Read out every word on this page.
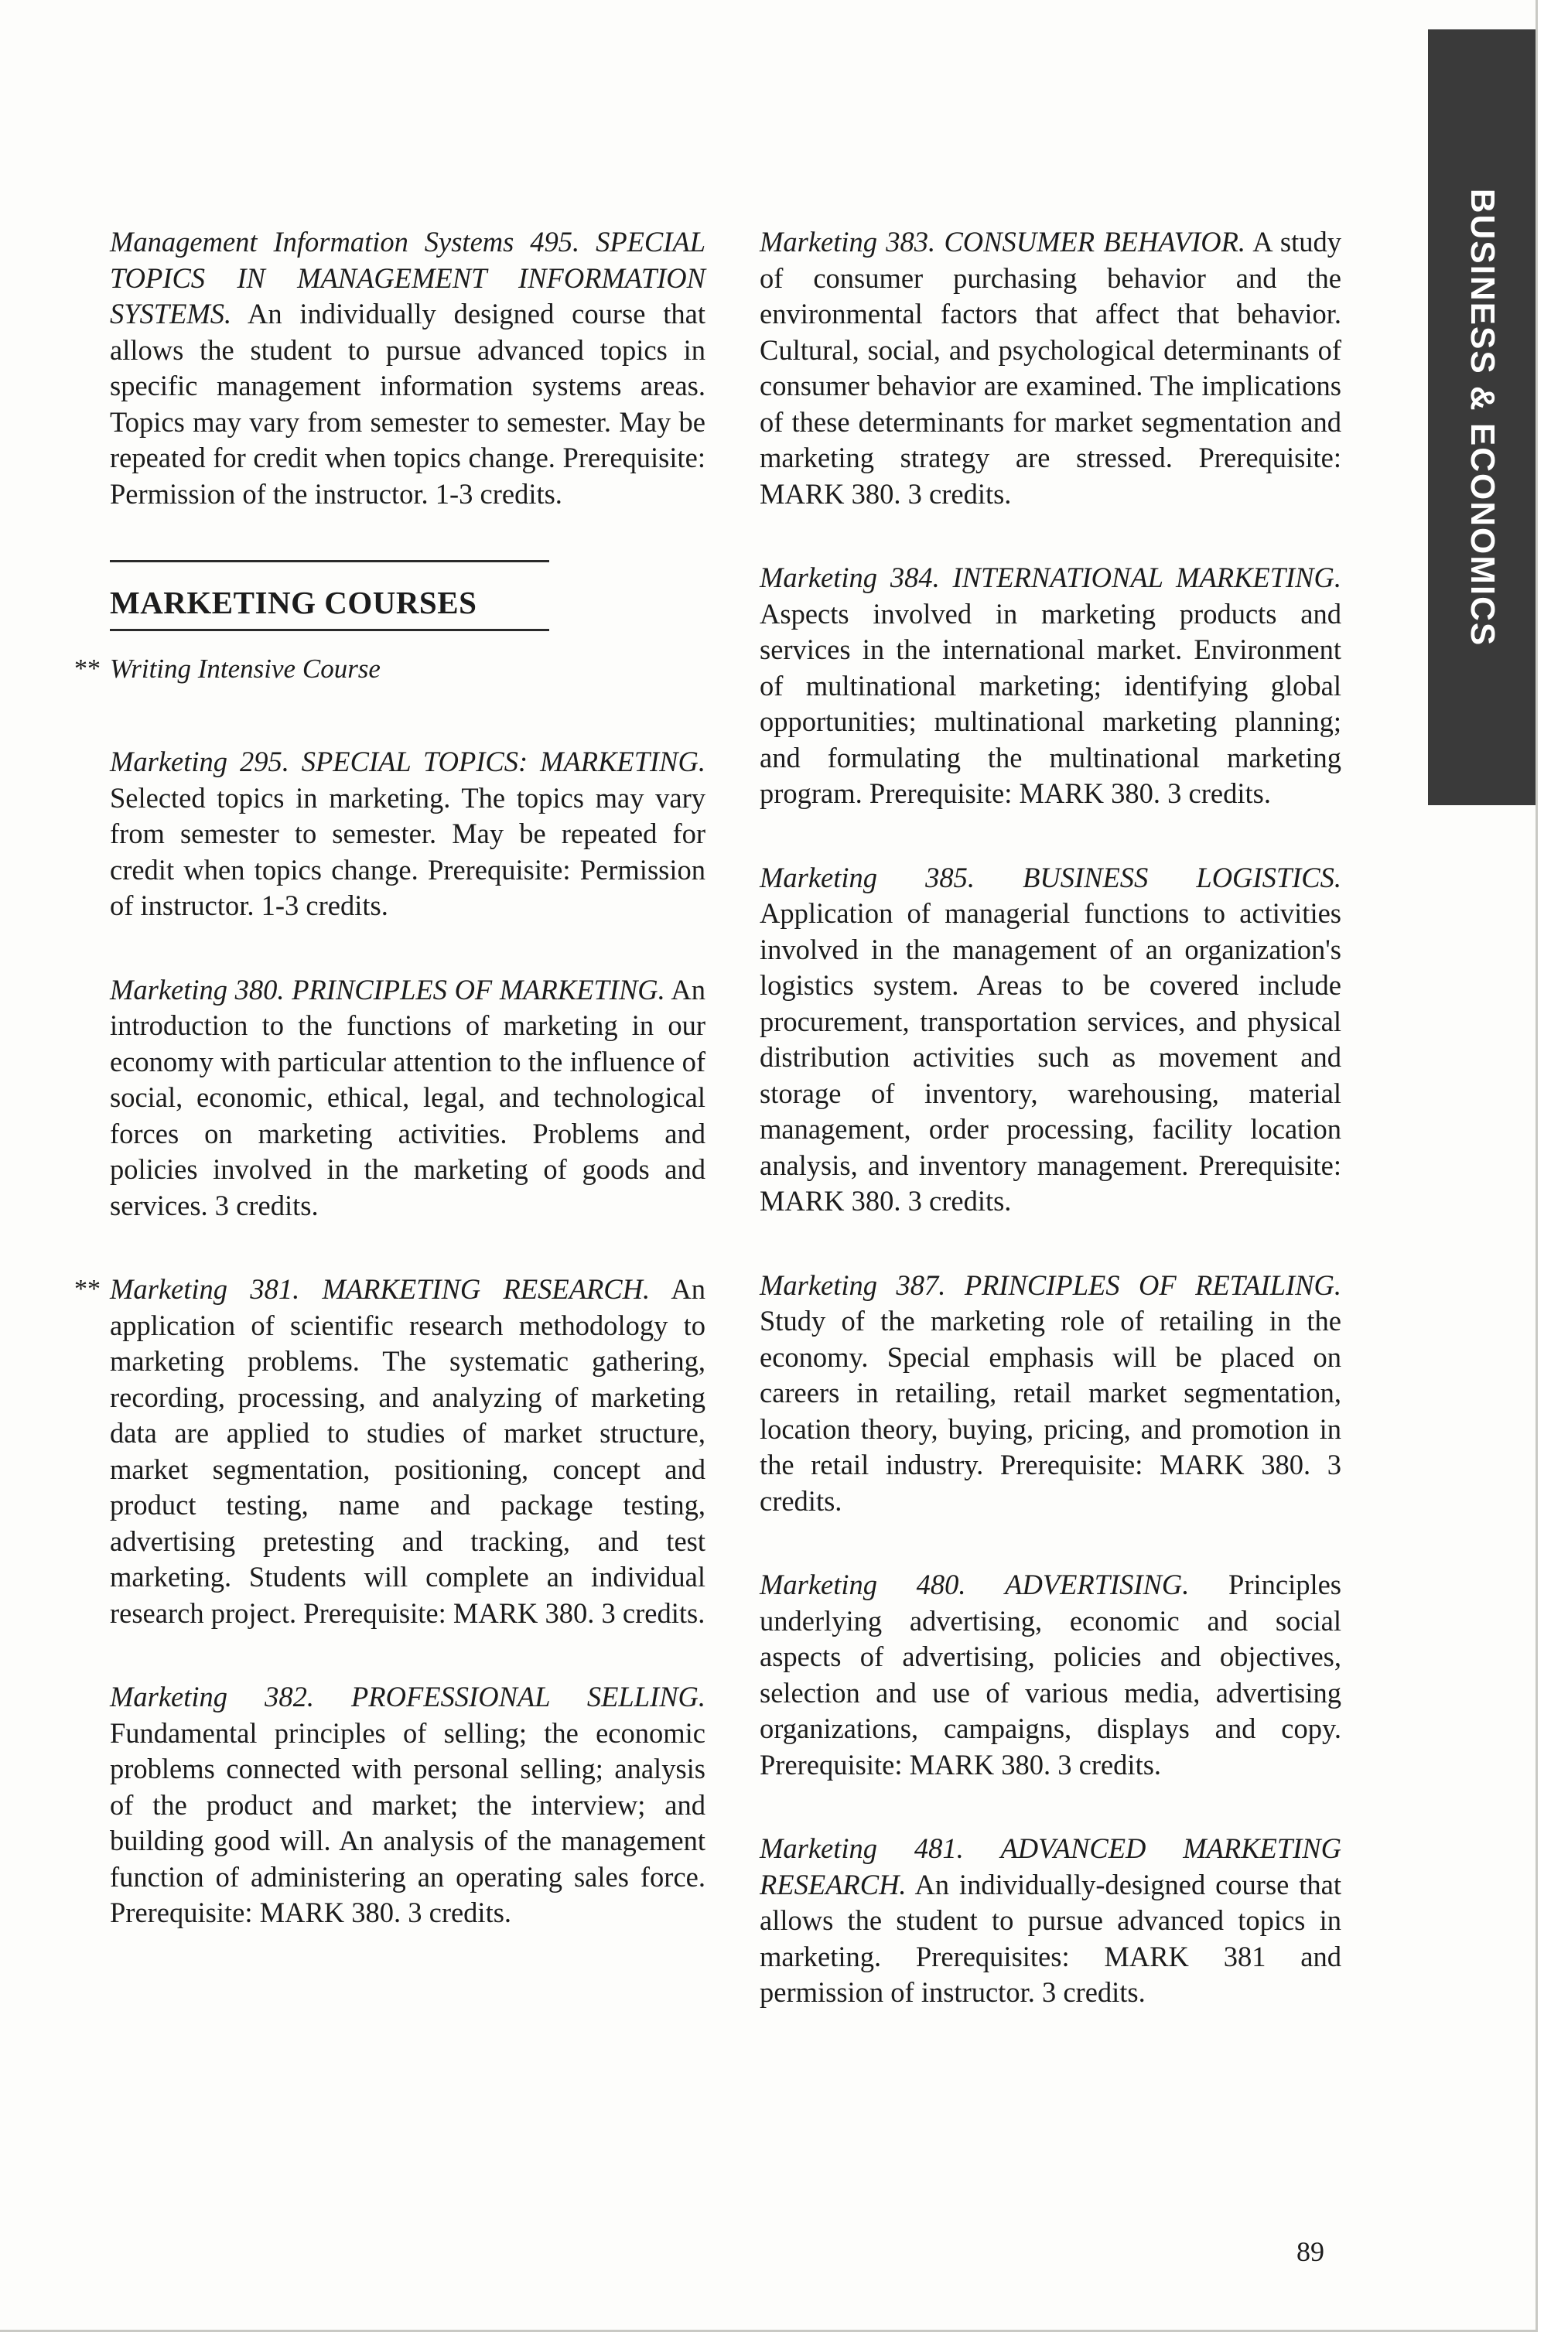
Management Information Systems 495. SPECIAL TOPICS IN MANAGEMENT INFORMATION SYSTEMS. An individually designed course that allows the student to pursue advanced topics in specific management information systems areas. Topics may vary from semester to semester. May be repeated for credit when topics change. Prerequisite: Permission of the instructor. 1-3 credits.

MARKETING COURSES
** Writing Intensive Course

Marketing 295. SPECIAL TOPICS: MARKETING. Selected topics in marketing. The topics may vary from semester to semester. May be repeated for credit when topics change. Prerequisite: Permission of instructor. 1-3 credits.

Marketing 380. PRINCIPLES OF MARKETING. An introduction to the functions of marketing in our economy with particular attention to the influence of social, economic, ethical, legal, and technological forces on marketing activities. Problems and policies involved in the marketing of goods and services. 3 credits.

** Marketing 381. MARKETING RESEARCH. An application of scientific research methodology to marketing problems. The systematic gathering, recording, processing, and analyzing of marketing data are applied to studies of market structure, market segmentation, positioning, concept and product testing, name and package testing, advertising pretesting and tracking, and test marketing. Students will complete an individual research project. Prerequisite: MARK 380. 3 credits.

Marketing 382. PROFESSIONAL SELLING. Fundamental principles of selling; the economic problems connected with personal selling; analysis of the product and market; the interview; and building good will. An analysis of the management function of administering an operating sales force. Prerequisite: MARK 380. 3 credits.

Marketing 383. CONSUMER BEHAVIOR. A study of consumer purchasing behavior and the environmental factors that affect that behavior. Cultural, social, and psychological determinants of consumer behavior are examined. The implications of these determinants for market segmentation and marketing strategy are stressed. Prerequisite: MARK 380. 3 credits.

Marketing 384. INTERNATIONAL MARKETING. Aspects involved in marketing products and services in the international market. Environment of multinational marketing; identifying global opportunities; multinational marketing planning; and formulating the multinational marketing program. Prerequisite: MARK 380. 3 credits.

Marketing 385. BUSINESS LOGISTICS. Application of managerial functions to activities involved in the management of an organization's logistics system. Areas to be covered include procurement, transportation services, and physical distribution activities such as movement and storage of inventory, warehousing, material management, order processing, facility location analysis, and inventory management. Prerequisite: MARK 380. 3 credits.

Marketing 387. PRINCIPLES OF RETAILING. Study of the marketing role of retailing in the economy. Special emphasis will be placed on careers in retailing, retail market segmentation, location theory, buying, pricing, and promotion in the retail industry. Prerequisite: MARK 380. 3 credits.

Marketing 480. ADVERTISING. Principles underlying advertising, economic and social aspects of advertising, policies and objectives, selection and use of various media, advertising organizations, campaigns, displays and copy. Prerequisite: MARK 380. 3 credits.

Marketing 481. ADVANCED MARKETING RESEARCH. An individually-designed course that allows the student to pursue advanced topics in marketing. Prerequisites: MARK 381 and permission of instructor. 3 credits.

BUSINESS & ECONOMICS
89
